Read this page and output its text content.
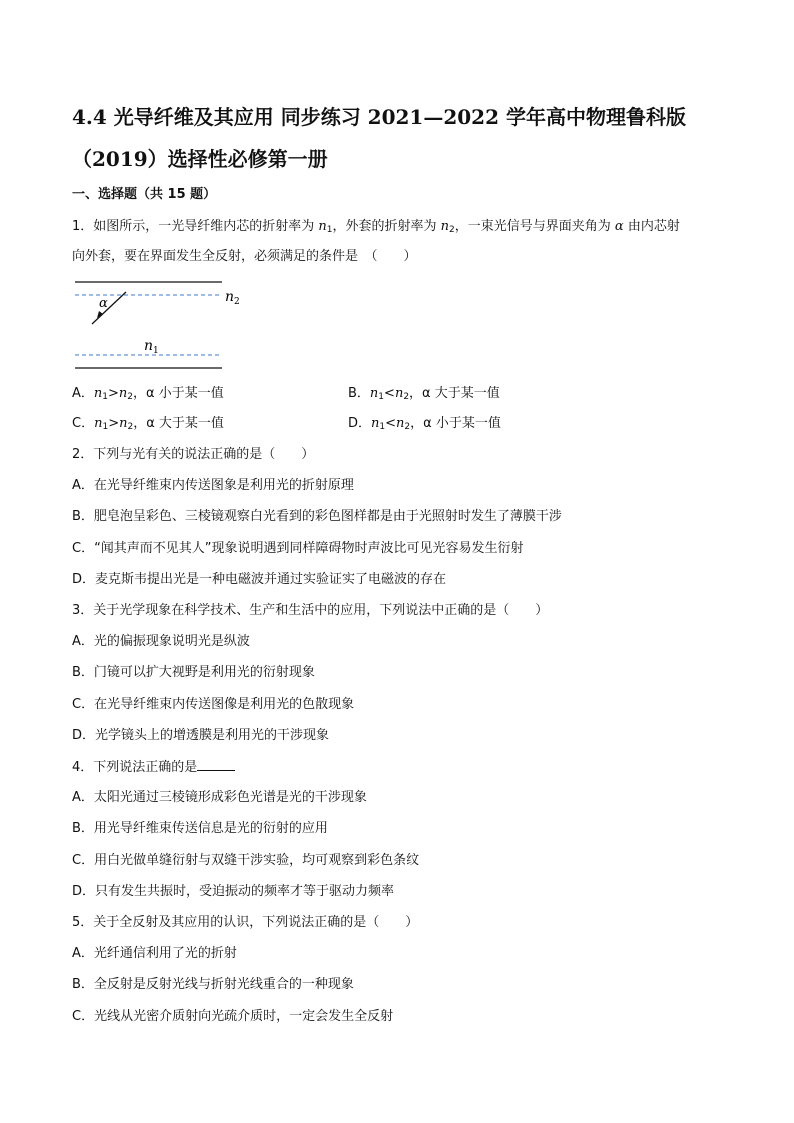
4.4 光导纤维及其应用 同步练习 2021—2022 学年高中物理鲁科版
（2019）选择性必修第一册
一、选择题（共 15 题）
1．如图所示，一光导纤维内芯的折射率为 $n_1$，外套的折射率为 $n_2$，一束光信号与界面夹角为 α 由内芯射
向外套，要在界面发生全反射，必须满足的条件是　（　　）
α	$n_2$
$n_1$
A．$n_1>n_2$，α 小于某一值	B．$n_1<n_2$，α 大于某一值
C．$n_1>n_2$，α 大于某一值	D．$n_1<n_2$，α 小于某一值
2．下列与光有关的说法正确的是（　　）
A．在光导纤维束内传送图象是利用光的折射原理
B．肥皂泡呈彩色、三棱镜观察白光看到的彩色图样都是由于光照射时发生了薄膜干涉
C．“闻其声而不见其人”现象说明遇到同样障碍物时声波比可见光容易发生衍射
D．麦克斯韦提出光是一种电磁波并通过实验证实了电磁波的存在
3．关于光学现象在科学技术、生产和生活中的应用，下列说法中正确的是（　　）
A．光的偏振现象说明光是纵波
B．门镜可以扩大视野是利用光的衍射现象
C．在光导纤维束内传送图像是利用光的色散现象
D．光学镜头上的增透膜是利用光的干涉现象
4．下列说法正确的是
A．太阳光通过三棱镜形成彩色光谱是光的干涉现象
B．用光导纤维束传送信息是光的衍射的应用
C．用白光做单缝衍射与双缝干涉实验，均可观察到彩色条纹
D．只有发生共振时，受迫振动的频率才等于驱动力频率
5．关于全反射及其应用的认识，下列说法正确的是（　　）
A．光纤通信利用了光的折射
B．全反射是反射光线与折射光线重合的一种现象
C．光线从光密介质射向光疏介质时，一定会发生全反射
